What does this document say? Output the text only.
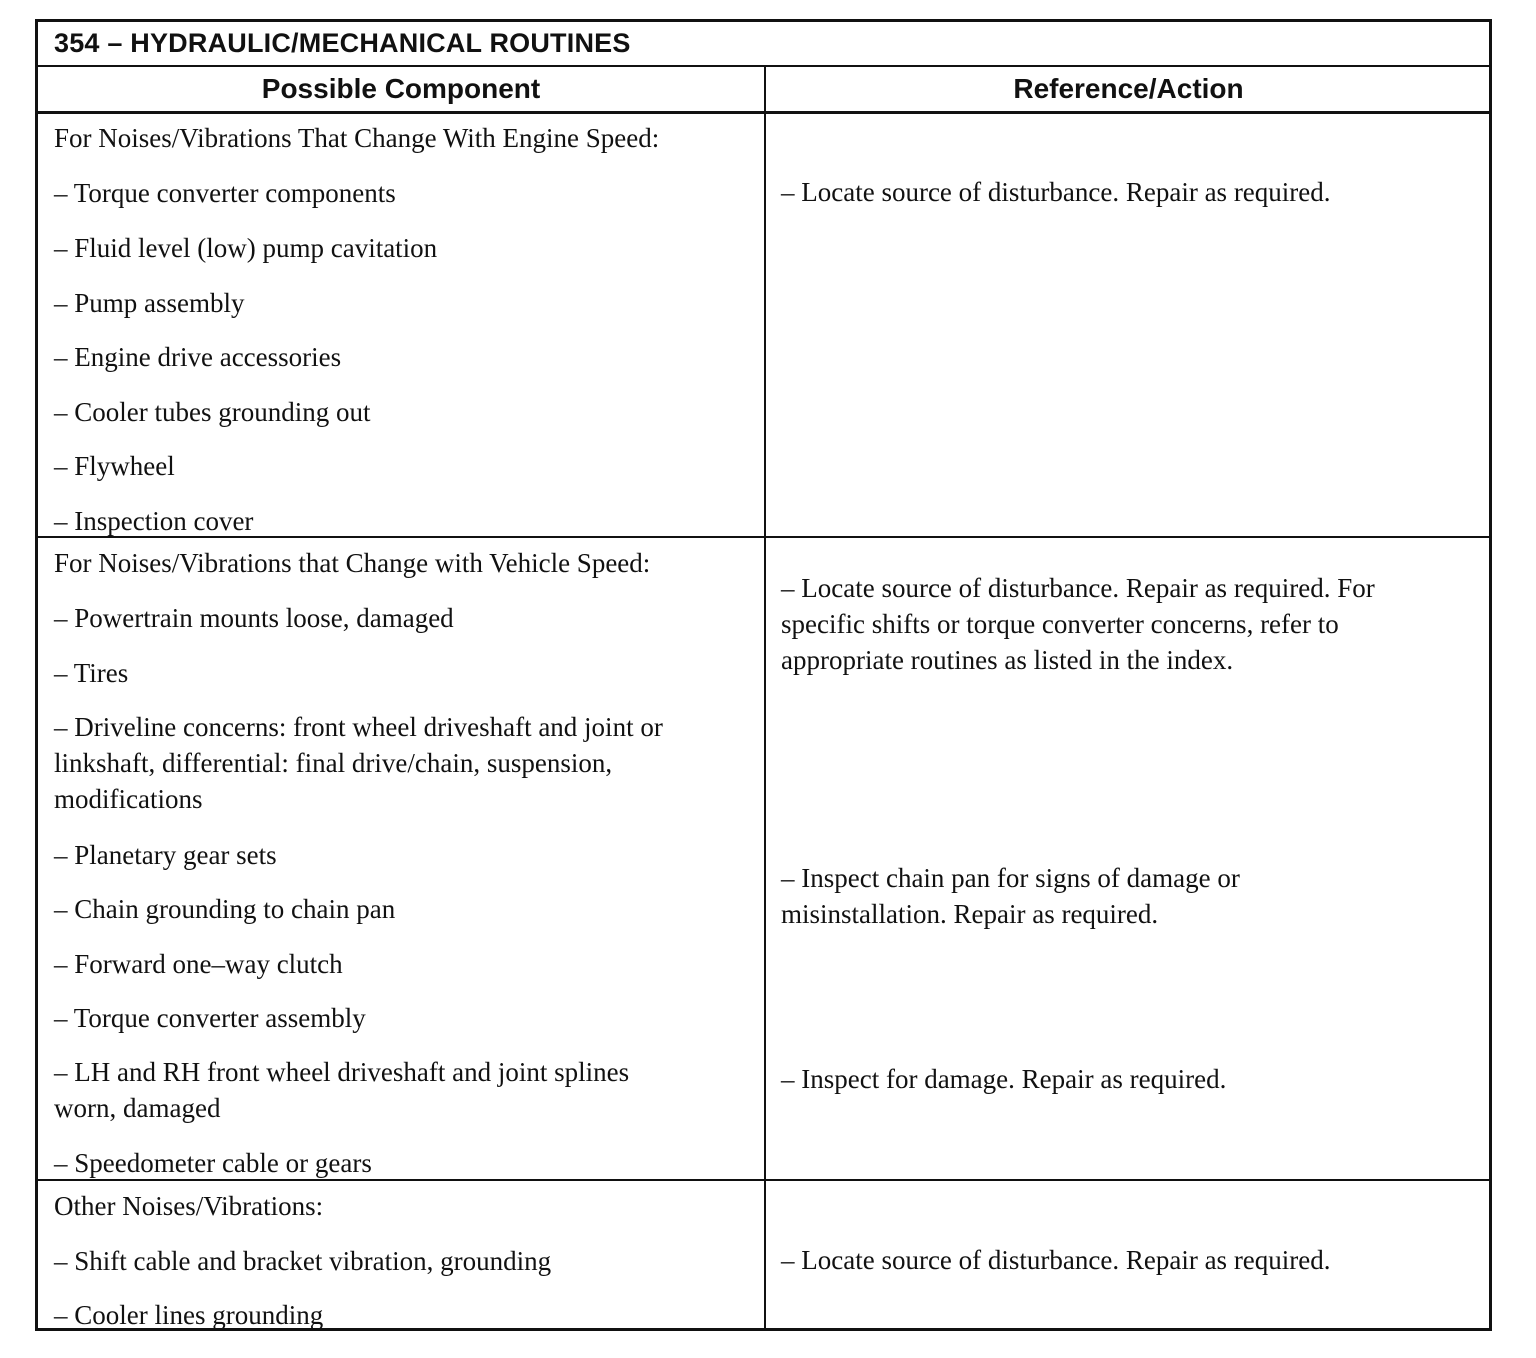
354 – HYDRAULIC/MECHANICAL ROUTINES
Possible Component	Reference/Action
For Noises/Vibrations That Change With Engine Speed:
– Torque converter components
– Fluid level (low) pump cavitation
– Pump assembly
– Engine drive accessories
– Cooler tubes grounding out
– Flywheel
– Inspection cover
– Locate source of disturbance. Repair as required.
For Noises/Vibrations that Change with Vehicle Speed:
– Powertrain mounts loose, damaged
– Tires
– Driveline concerns: front wheel driveshaft and joint or
linkshaft, differential: final drive/chain, suspension,
modifications
– Planetary gear sets
– Chain grounding to chain pan
– Forward one–way clutch
– Torque converter assembly
– LH and RH front wheel driveshaft and joint splines
worn, damaged
– Speedometer cable or gears
– Locate source of disturbance. Repair as required. For
specific shifts or torque converter concerns, refer to
appropriate routines as listed in the index.
– Inspect chain pan for signs of damage or
misinstallation. Repair as required.
– Inspect for damage. Repair as required.
Other Noises/Vibrations:
– Shift cable and bracket vibration, grounding
– Cooler lines grounding
– Locate source of disturbance. Repair as required.
